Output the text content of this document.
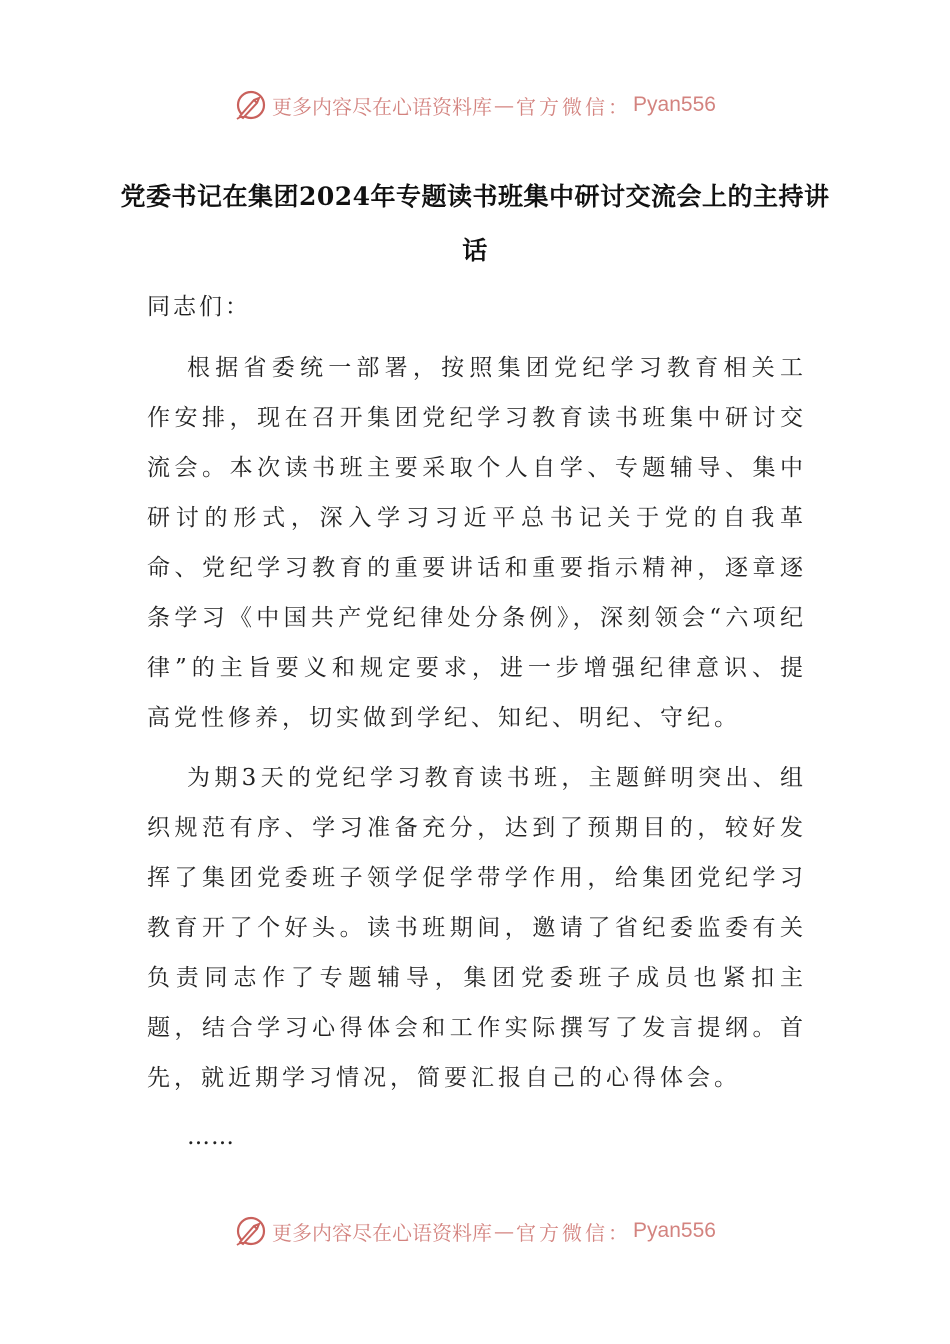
更多内容尽在心语资料库 — 官方微信： Pyan556
党委书记在集团2024年专题读书班集中研讨交流会上的主持讲话
同志们：

根据省委统一部署，按照集团党纪学习教育相关工作安排，现在召开集团党纪学习教育读书班集中研讨交流会。本次读书班主要采取个人自学、专题辅导、集中研讨的形式，深入学习习近平总书记关于党的自我革命、党纪学习教育的重要讲话和重要指示精神，逐章逐条学习《中国共产党纪律处分条例》，深刻领会“六项纪律”的主旨要义和规定要求，进一步增强纪律意识、提高党性修养，切实做到学纪、知纪、明纪、守纪。

为期3天的党纪学习教育读书班，主题鲜明突出、组织规范有序、学习准备充分，达到了预期目的，较好发挥了集团党委班子领学促学带学作用，给集团党纪学习教育开了个好头。读书班期间，邀请了省纪委监委有关负责同志作了专题辅导，集团党委班子成员也紧扣主题，结合学习心得体会和工作实际撰写了发言提纲。首先，就近期学习情况，简要汇报自己的心得体会。

……
更多内容尽在心语资料库 — 官方微信： Pyan556
